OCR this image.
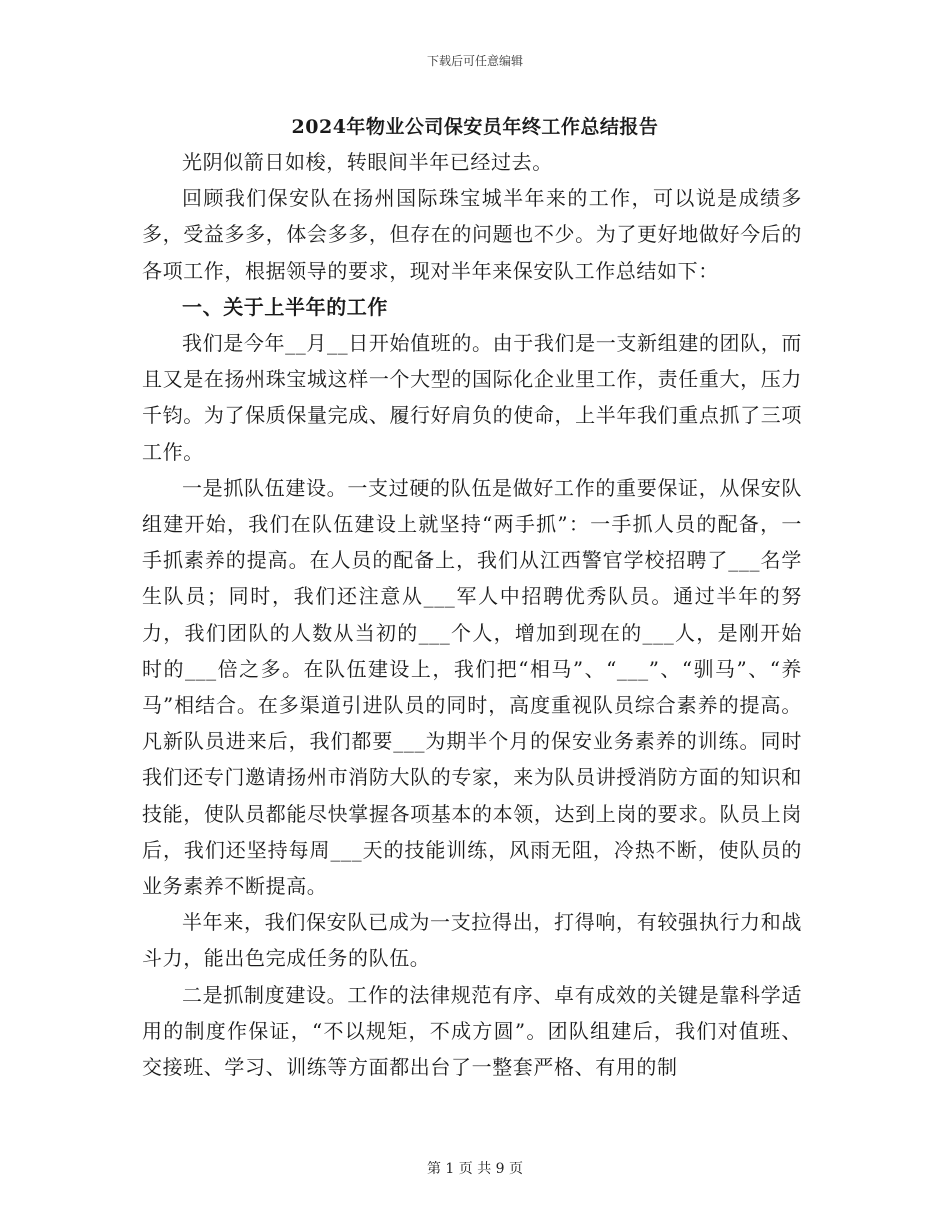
下载后可任意编辑
2024年物业公司保安员年终工作总结报告

光阴似箭日如梭，转眼间半年已经过去。

回顾我们保安队在扬州国际珠宝城半年来的工作，可以说是成绩多多，受益多多，体会多多，但存在的问题也不少。为了更好地做好今后的各项工作，根据领导的要求，现对半年来保安队工作总结如下：

一、关于上半年的工作

我们是今年__月__日开始值班的。由于我们是一支新组建的团队，而且又是在扬州珠宝城这样一个大型的国际化企业里工作，责任重大，压力千钧。为了保质保量完成、履行好肩负的使命，上半年我们重点抓了三项工作。

一是抓队伍建设。一支过硬的队伍是做好工作的重要保证，从保安队组建开始，我们在队伍建设上就坚持“两手抓”：一手抓人员的配备，一手抓素养的提高。在人员的配备上，我们从江西警官学校招聘了___名学生队员；同时，我们还注意从___军人中招聘优秀队员。通过半年的努力，我们团队的人数从当初的___个人，增加到现在的___人，是刚开始时的___倍之多。在队伍建设上，我们把“相马”、“___”、“驯马”、“养马”相结合。在多渠道引进队员的同时，高度重视队员综合素养的提高。凡新队员进来后，我们都要___为期半个月的保安业务素养的训练。同时我们还专门邀请扬州市消防大队的专家，来为队员讲授消防方面的知识和技能，使队员都能尽快掌握各项基本的本领，达到上岗的要求。队员上岗后，我们还坚持每周___天的技能训练，风雨无阻，冷热不断，使队员的业务素养不断提高。

半年来，我们保安队已成为一支拉得出，打得响，有较强执行力和战斗力，能出色完成任务的队伍。

二是抓制度建设。工作的法律规范有序、卓有成效的关键是靠科学适用的制度作保证，“不以规矩，不成方圆”。团队组建后，我们对值班、交接班、学习、训练等方面都出台了一整套严格、有用的制

第 1 页 共 9 页
